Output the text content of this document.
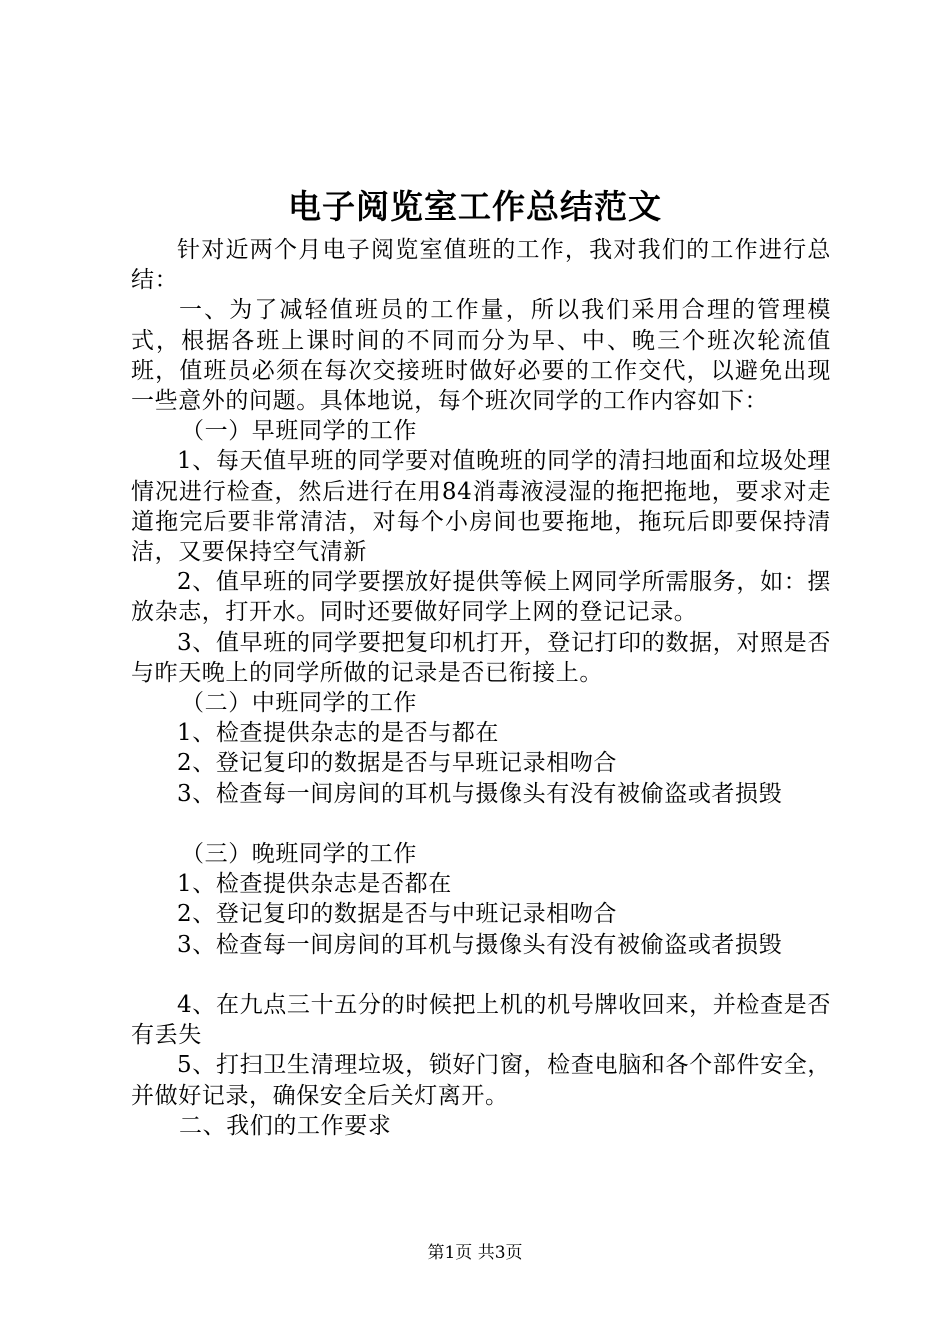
电子阅览室工作总结范文

针对近两个月电子阅览室值班的工作，我对我们的工作进行总结：

一、为了减轻值班员的工作量，所以我们采用合理的管理模式，根据各班上课时间的不同而分为早、中、晚三个班次轮流值班，值班员必须在每次交接班时做好必要的工作交代，以避免出现一些意外的问题。具体地说，每个班次同学的工作内容如下：

（一）早班同学的工作

1、每天值早班的同学要对值晚班的同学的清扫地面和垃圾处理情况进行检查，然后进行在用84消毒液浸湿的拖把拖地，要求对走道拖完后要非常清洁，对每个小房间也要拖地，拖玩后即要保持清洁，又要保持空气清新

2、值早班的同学要摆放好提供等候上网同学所需服务，如：摆放杂志，打开水。同时还要做好同学上网的登记记录。

3、值早班的同学要把复印机打开，登记打印的数据，对照是否与昨天晚上的同学所做的记录是否已衔接上。

（二）中班同学的工作

1、检查提供杂志的是否与都在

2、登记复印的数据是否与早班记录相吻合

3、检查每一间房间的耳机与摄像头有没有被偷盗或者损毁

（三）晚班同学的工作

1、检查提供杂志是否都在

2、登记复印的数据是否与中班记录相吻合

3、检查每一间房间的耳机与摄像头有没有被偷盗或者损毁

4、在九点三十五分的时候把上机的机号牌收回来，并检查是否有丢失

5、打扫卫生清理垃圾，锁好门窗，检查电脑和各个部件安全，并做好记录，确保安全后关灯离开。

二、我们的工作要求

第1页 共3页
